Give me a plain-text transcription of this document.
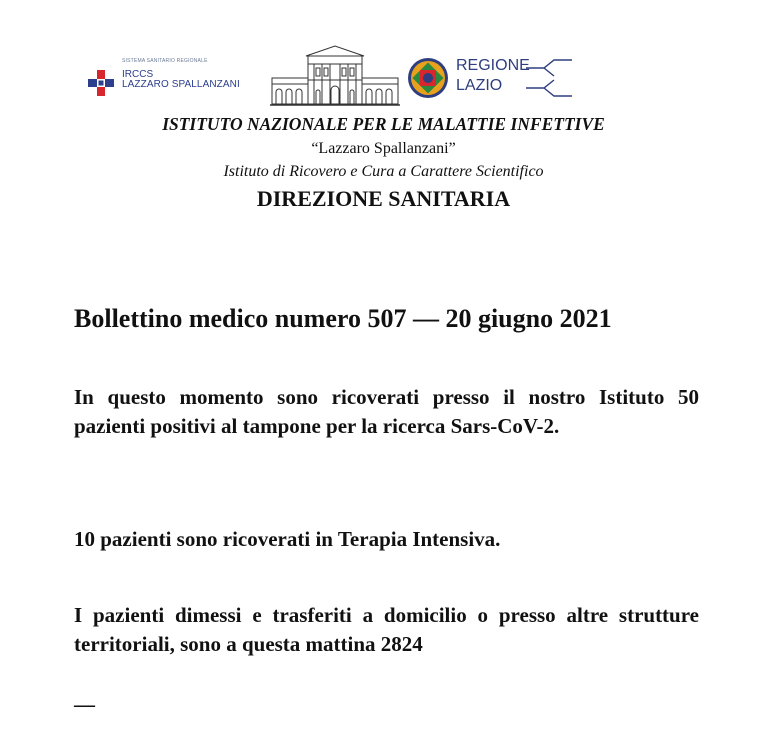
SISTEMA SANITARIO REGIONALE
IRCCS
LAZZARO SPALLANZANI
REGIONE
LAZIO
ISTITUTO NAZIONALE PER LE MALATTIE INFETTIVE
“Lazzaro Spallanzani”
Istituto di Ricovero e Cura a Carattere Scientifico
DIREZIONE SANITARIA

Bollettino medico numero 507 — 20 giugno 2021

In questo momento sono ricoverati presso il nostro Istituto 50 pazienti positivi al tampone per la ricerca Sars-CoV-2.

10 pazienti sono ricoverati in Terapia Intensiva.

I pazienti dimessi e trasferiti a domicilio o presso altre strutture territoriali, sono a questa mattina 2824

—
